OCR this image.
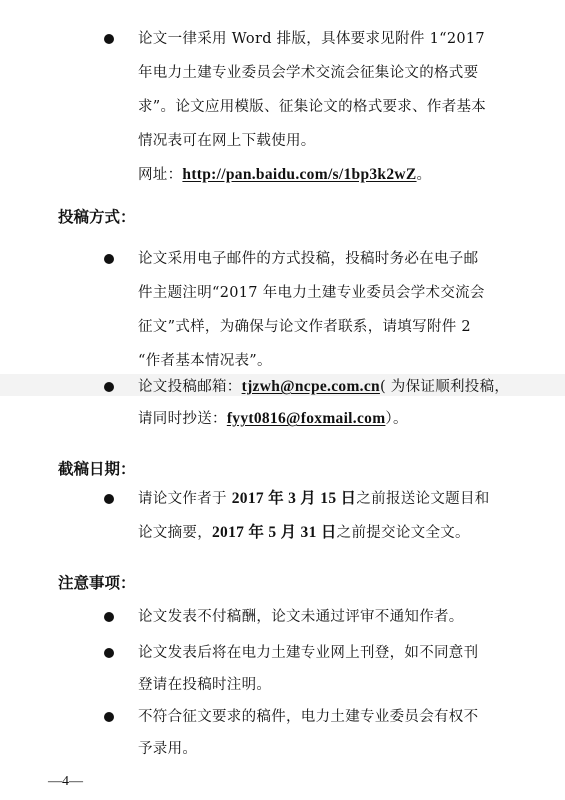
论文一律采用 Word 排版，具体要求见附件 1“2017
年电力土建专业委员会学术交流会征集论文的格式要
求”。论文应用模版、征集论文的格式要求、作者基本
情况表可在网上下载使用。
网址：http://pan.baidu.com/s/1bp3k2wZ。
投稿方式：
论文采用电子邮件的方式投稿，投稿时务必在电子邮
件主题注明“2017 年电力土建专业委员会学术交流会
征文”式样，为确保与论文作者联系，请填写附件 2
“作者基本情况表”。
论文投稿邮箱：tjzwh@ncpe.com.cn( 为保证顺利投稿，
请同时抄送：fyyt0816@foxmail.com）。
截稿日期：
请论文作者于 2017 年 3 月 15 日之前报送论文题目和
论文摘要，2017 年 5 月 31 日之前提交论文全文。
注意事项：
论文发表不付稿酬，论文未通过评审不通知作者。
论文发表后将在电力土建专业网上刊登，如不同意刊
登请在投稿时注明。
不符合征文要求的稿件，电力土建专业委员会有权不
予录用。
—4—
